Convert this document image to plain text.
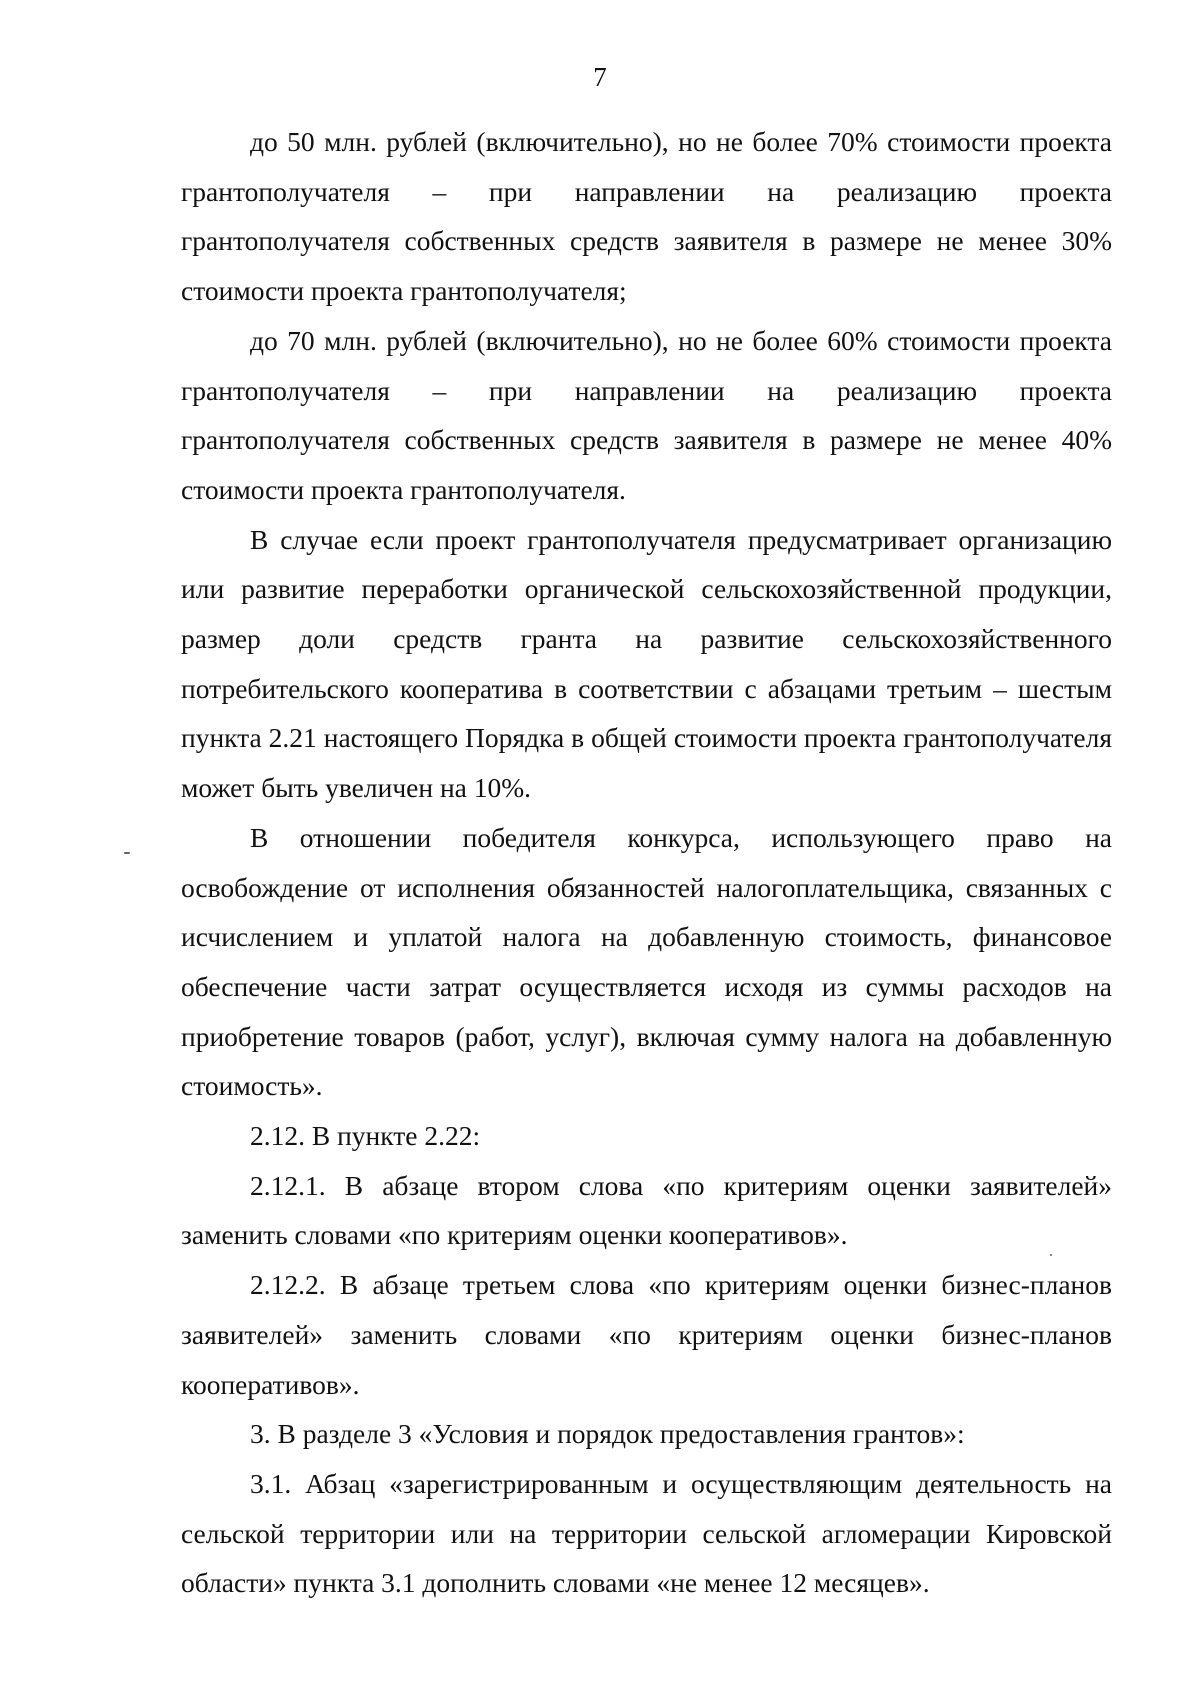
7

до 50 млн. рублей (включительно), но не более 70% стоимости проекта грантополучателя – при направлении на реализацию проекта грантополучателя собственных средств заявителя в размере не менее 30% стоимости проекта грантополучателя;

до 70 млн. рублей (включительно), но не более 60% стоимости проекта грантополучателя – при направлении на реализацию проекта грантополучателя собственных средств заявителя в размере не менее 40% стоимости проекта грантополучателя.

В случае если проект грантополучателя предусматривает организацию или развитие переработки органической сельскохозяйственной продукции, размер доли средств гранта на развитие сельскохозяйственного потребительского кооператива в соответствии с абзацами третьим – шестым пункта 2.21 настоящего Порядка в общей стоимости проекта грантополучателя может быть увеличен на 10%.

В отношении победителя конкурса, использующего право на освобождение от исполнения обязанностей налогоплательщика, связанных с исчислением и уплатой налога на добавленную стоимость, финансовое обеспечение части затрат осуществляется исходя из суммы расходов на приобретение товаров (работ, услуг), включая сумму налога на добавленную стоимость».

2.12. В пункте 2.22:

2.12.1. В абзаце втором слова «по критериям оценки заявителей» заменить словами «по критериям оценки кооперативов».

2.12.2. В абзаце третьем слова «по критериям оценки бизнес-планов заявителей» заменить словами «по критериям оценки бизнес-планов кооперативов».

3. В разделе 3 «Условия и порядок предоставления грантов»:

3.1. Абзац «зарегистрированным и осуществляющим деятельность на сельской территории или на территории сельской агломерации Кировской области» пункта 3.1 дополнить словами «не менее 12 месяцев».
